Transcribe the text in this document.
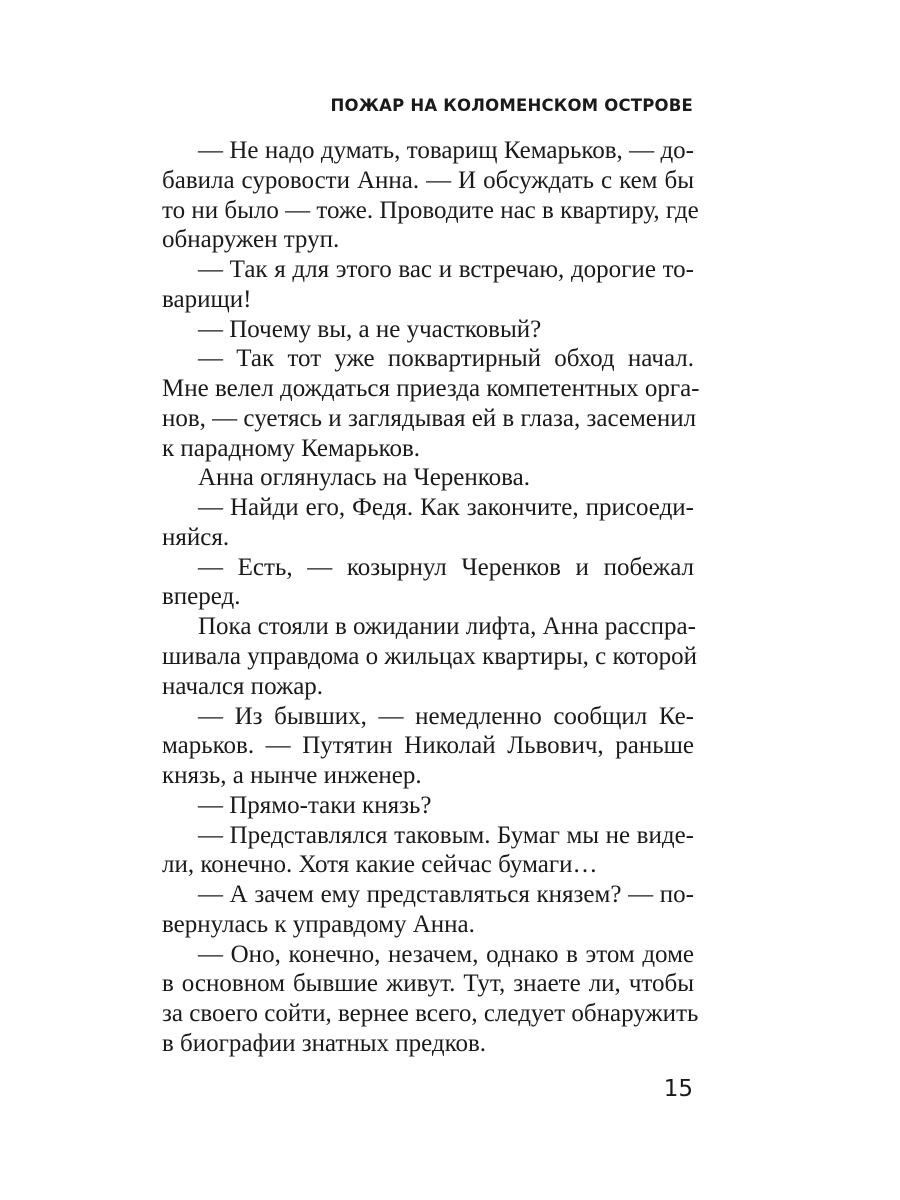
ПОЖАР НА КОЛОМЕНСКОМ ОСТРОВЕ
— Не надо думать, товарищ Кемарьков, — до-
бавила суровости Анна. — И обсуждать с кем бы
то ни было — тоже. Проводите нас в квартиру, где
обнаружен труп.
— Так я для этого вас и встречаю, дорогие то-
варищи!
— Почему вы, а не участковый?
— Так тот уже поквартирный обход начал.
Мне велел дождаться приезда компетентных орга-
нов, — суетясь и заглядывая ей в глаза, засеменил
к парадному Кемарьков.
Анна оглянулась на Черенкова.
— Найди его, Федя. Как закончите, присоеди-
няйся.
— Есть, — козырнул Черенков и побежал
вперед.
Пока стояли в ожидании лифта, Анна расспра-
шивала управдома о жильцах квартиры, с которой
начался пожар.
— Из бывших, — немедленно сообщил Ке-
марьков. — Путятин Николай Львович, раньше
князь, а нынче инженер.
— Прямо-таки князь?
— Представлялся таковым. Бумаг мы не виде-
ли, конечно. Хотя какие сейчас бумаги…
— А зачем ему представляться князем? — по-
вернулась к управдому Анна.
— Оно, конечно, незачем, однако в этом доме
в основном бывшие живут. Тут, знаете ли, чтобы
за своего сойти, вернее всего, следует обнаружить
в биографии знатных предков.
15
